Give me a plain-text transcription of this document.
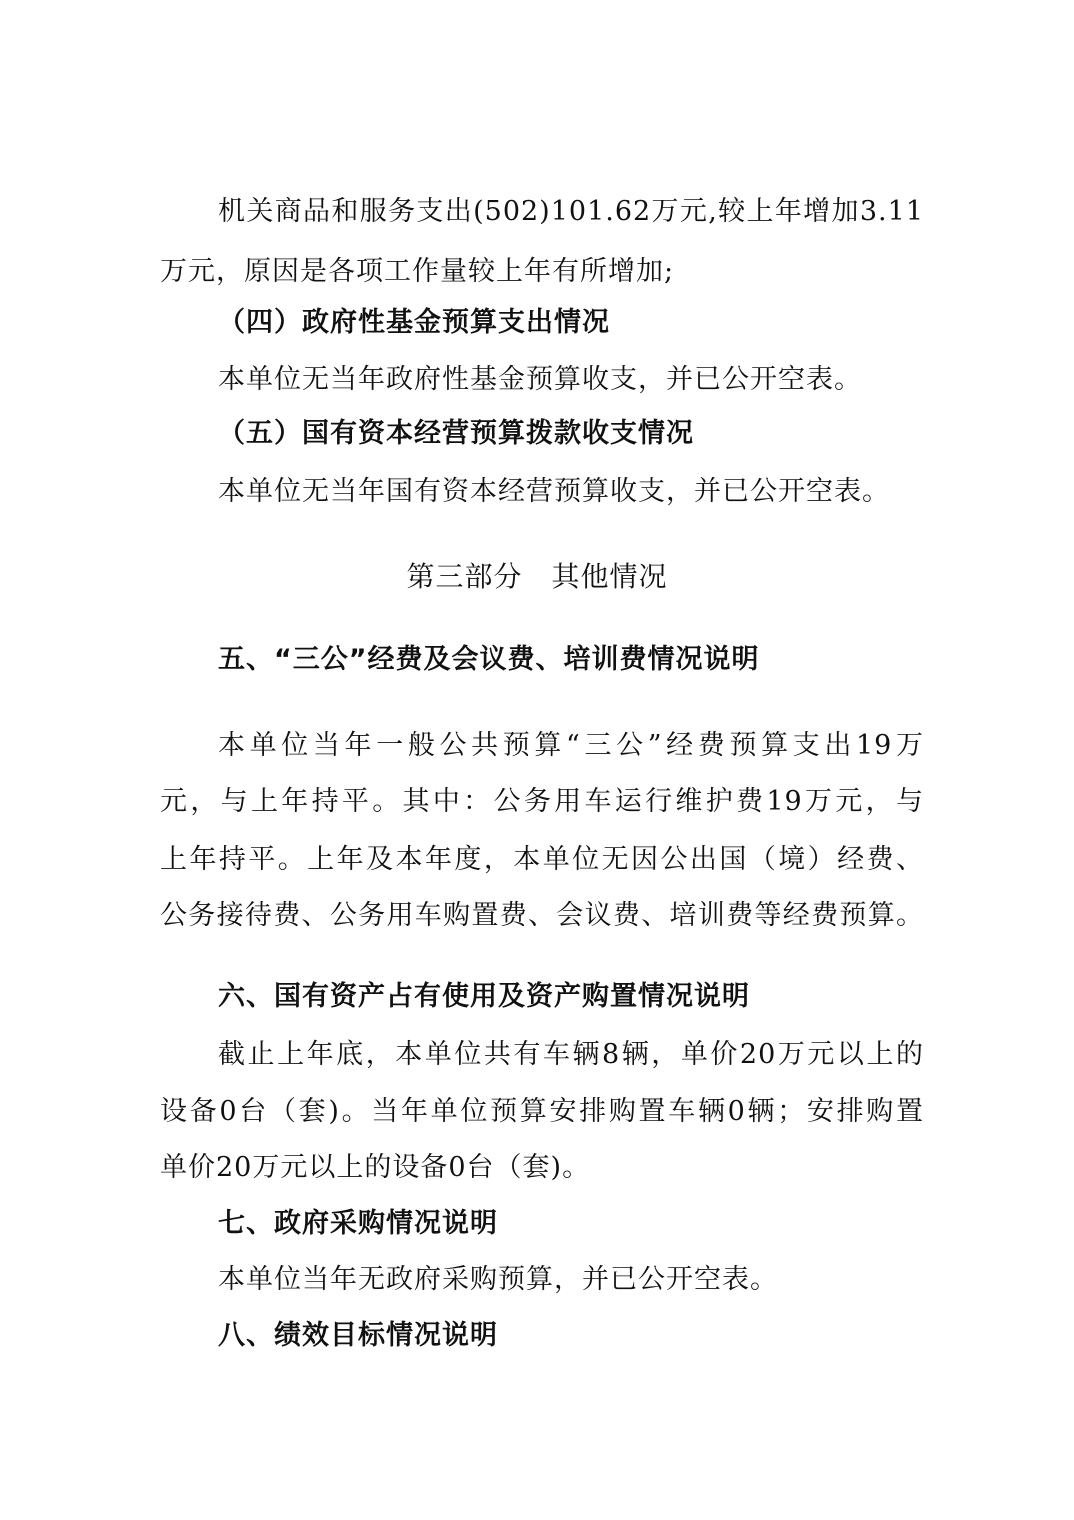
机关商品和服务支出(502)101.62万元,较上年增加3.11

万元，原因是各项工作量较上年有所增加;

（四）政府性基金预算支出情况

本单位无当年政府性基金预算收支，并已公开空表。

（五）国有资本经营预算拨款收支情况

本单位无当年国有资本经营预算收支，并已公开空表。

第三部分　其他情况

五、“三公”经费及会议费、培训费情况说明

本单位当年一般公共预算“三公”经费预算支出19万

元，与上年持平。其中：公务用车运行维护费19万元，与

上年持平。上年及本年度，本单位无因公出国（境）经费、

公务接待费、公务用车购置费、会议费、培训费等经费预算。

六、国有资产占有使用及资产购置情况说明

截止上年底，本单位共有车辆8辆，单价20万元以上的

设备0台（套)。当年单位预算安排购置车辆0辆；安排购置

单价20万元以上的设备0台（套)。

七、政府采购情况说明

本单位当年无政府采购预算，并已公开空表。

八、绩效目标情况说明
